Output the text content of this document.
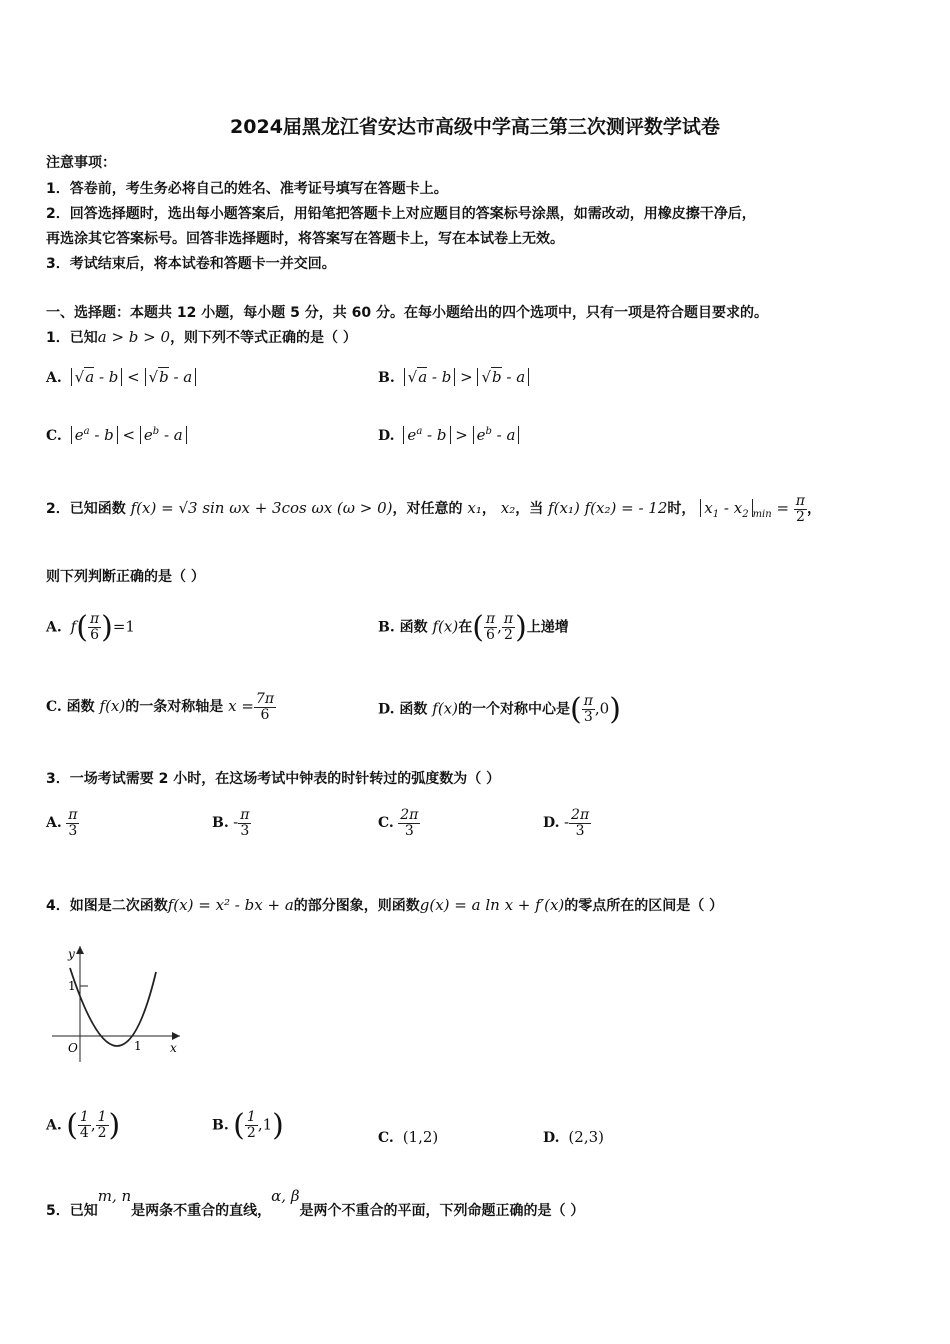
2024届黑龙江省安达市高级中学高三第三次测评数学试卷
注意事项：
1．答卷前，考生务必将自己的姓名、准考证号填写在答题卡上。
2．回答选择题时，选出每小题答案后，用铅笔把答题卡上对应题目的答案标号涂黑，如需改动，用橡皮擦干净后，
再选涂其它答案标号。回答非选择题时，将答案写在答题卡上，写在本试卷上无效。
3．考试结束后，将本试卷和答题卡一并交回。
一、选择题：本题共 12 小题，每小题 5 分，共 60 分。在每小题给出的四个选项中，只有一项是符合题目要求的。
1．已知a > b > 0，则下列不等式正确的是（ ）
A. √a - b < √b - a	B. √a - b > √b - a
C. $e^a - b < e^b - a$	D. $e^a - b > e^b - a$
2．已知函数 f(x) = √3 sin ωx + 3cos ωx (ω > 0)，对任意的 x₁， x₂，当 f(x₁) f(x₂) = - 12时， $x_1 - x_2$ $_{min} = \frac{\pi}{2}$ ，
则下列判断正确的是（ ）
A. $f( \frac{\pi}{6} )=1$	B. 函数 f(x)在( $\frac{\pi}{6}$ , $\frac{\pi}{2}$ )上递增
C. 函数 f(x)的一条对称轴是 $x = \frac{7\pi}{6}$	D. 函数 f(x)的一个对称中心是( $\frac{\pi}{3} ,0$)
3．一场考试需要 2 小时，在这场考试中钟表的时针转过的弧度数为（ ）
A. $\frac{\pi}{3}$	B. - $\frac{\pi}{3}$	C. $\frac{2\pi}{3}$	D. - $\frac{2\pi}{3}$
4．如图是二次函数f(x) = x² - bx + a的部分图象，则函数g(x) = a ln x + f′(x)的零点所在的区间是（ ）
y
x
O
1
1
A. ( $\frac{1}{4}$ , $\frac{1}{2}$ )	B. ( $\frac{1}{2} ,1$)	C. (1,2)	D. (2,3)
5．已知m, n是两条不重合的直线，α, β是两个不重合的平面，下列命题正确的是（ ）
